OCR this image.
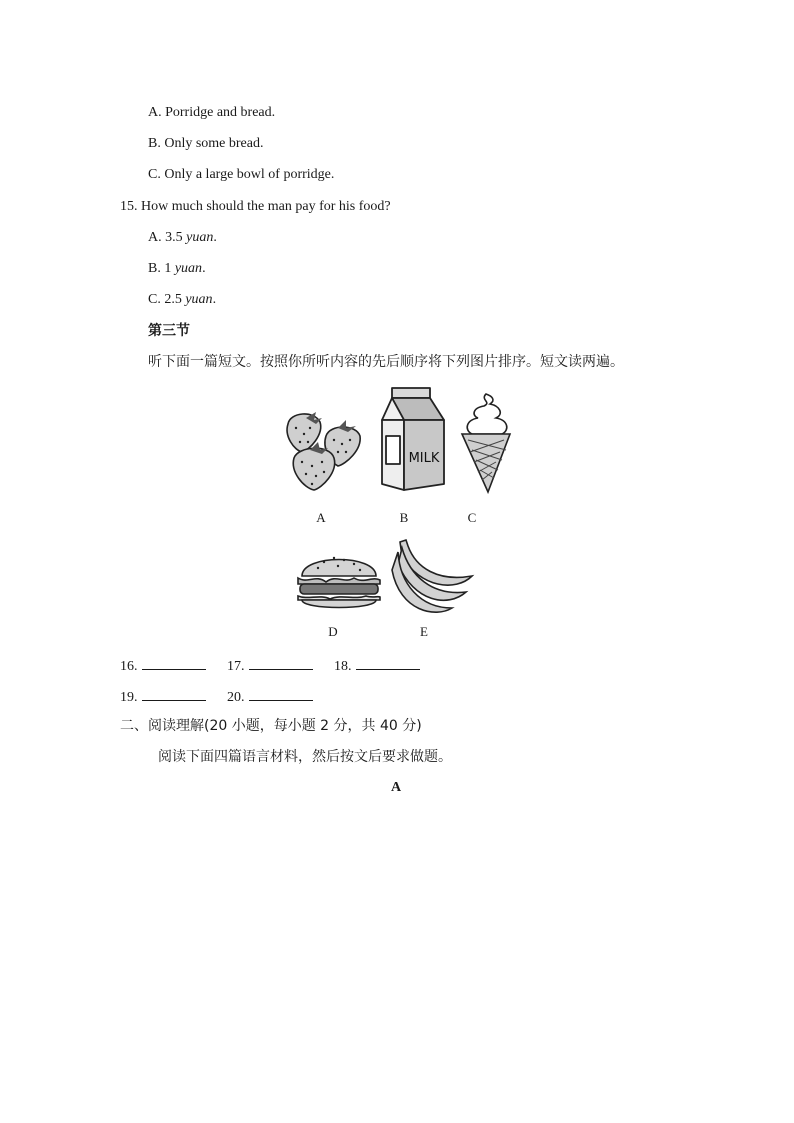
A. Porridge and bread.
B. Only some bread.
C. Only a large bowl of porridge.
15. How much should the man pay for his food?
A. 3.5 yuan.
B. 1 yuan.
C. 2.5 yuan.
第三节
听下面一篇短文。按照你所听内容的先后顺序将下列图片排序。短文读两遍。
MILK
A	B	C
D	E
16.	17.	18.
19.	20.
二、阅读理解(20 小题，每小题 2 分，共 40 分)
阅读下面四篇语言材料，然后按文后要求做题。
A
